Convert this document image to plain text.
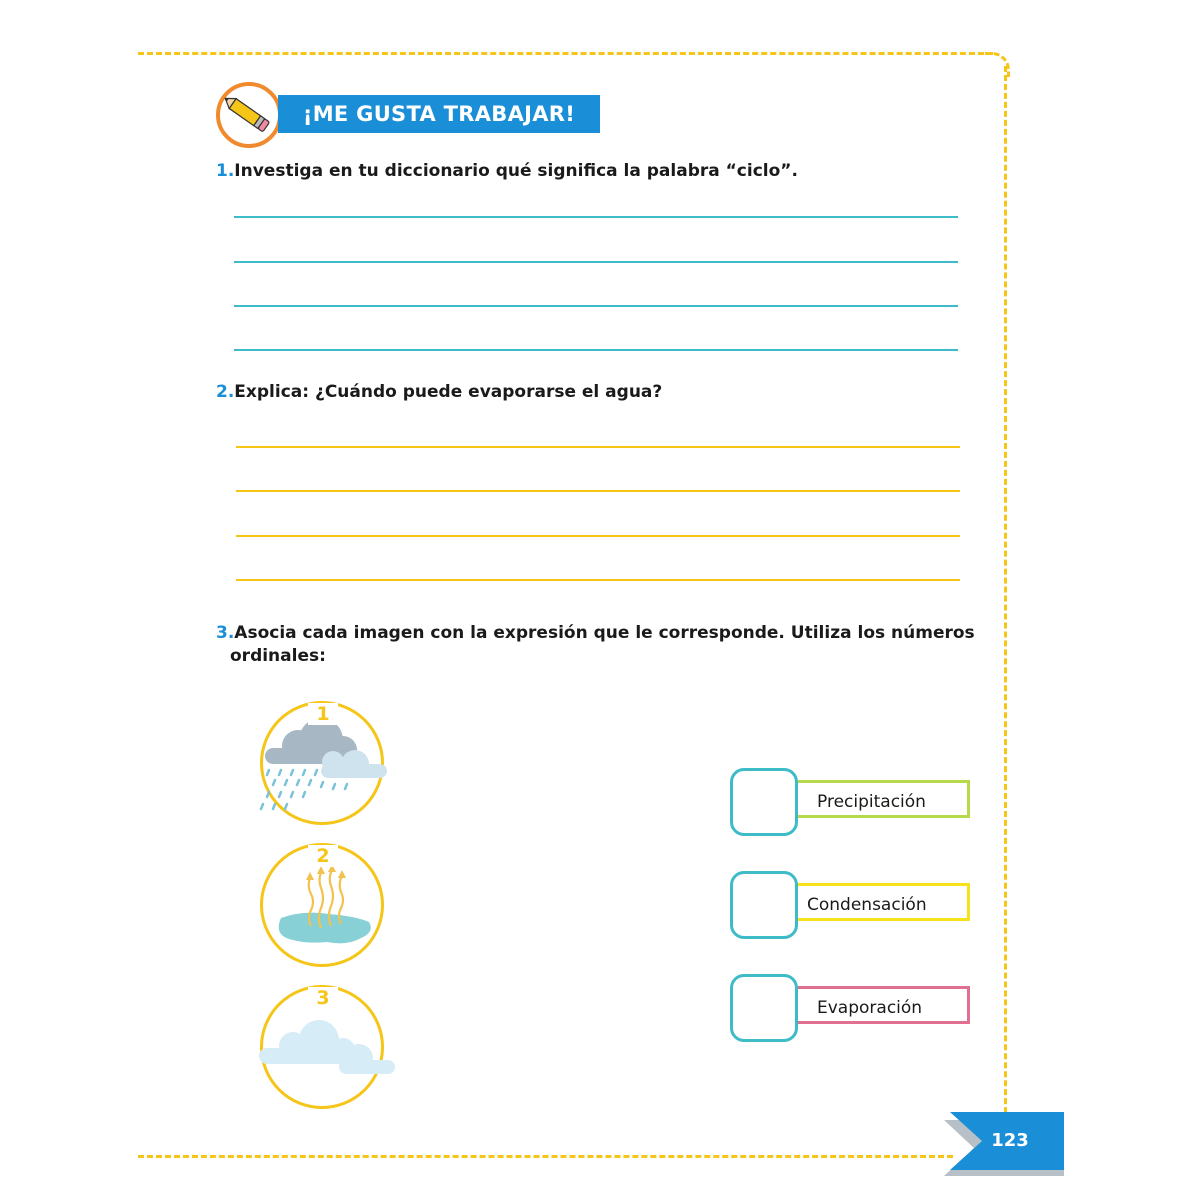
¡ME GUSTA TRABAJAR!
1.Investiga en tu diccionario qué significa la palabra “ciclo”.
2.Explica: ¿Cuándo puede evaporarse el agua?
3.Asocia cada imagen con la expresión que le corresponde. Utiliza los números
ordinales:
1
2
3
Precipitación
Condensación
Evaporación
123
